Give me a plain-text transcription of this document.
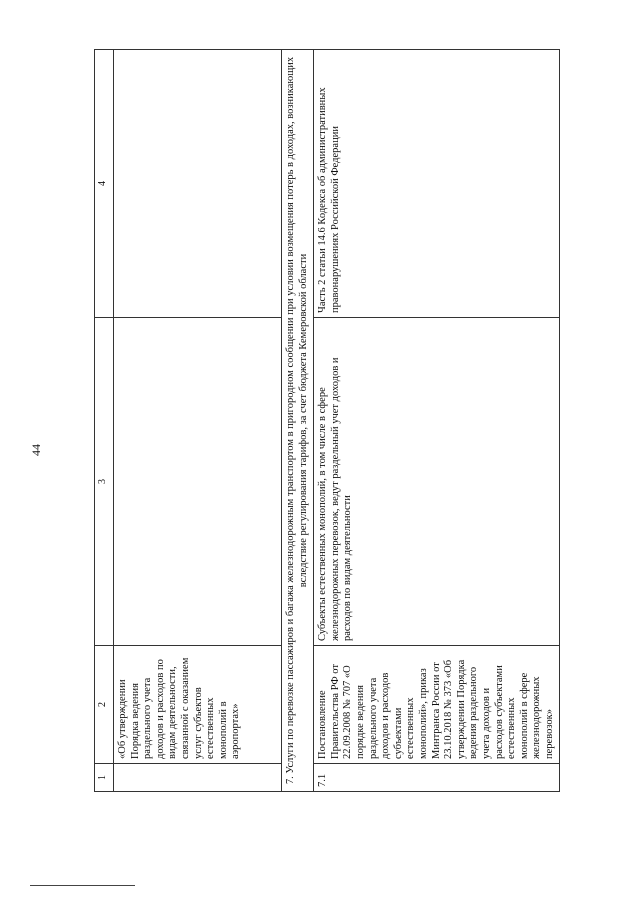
44
1	2	3	4
	«Об утверждении Порядка ведения раздельного учета доходов и расходов по видам деятельности, связанной с оказанием услуг субъектов естественных монополий в аэропортах»		
7. Услуги по перевозке пассажиров и багажа железнодорожным транспортом в пригородном сообщении при условии возмещения потерь в доходах, возникающих вследствие регулирования тарифов, за счет бюджета Кемеровской области			
7.1	Постановление Правительства РФ от 22.09.2008 № 707 «О порядке ведения раздельного учета доходов и расходов субъектами естественных монополий», приказ Минтранса России от 23.10.2018 № 373 «Об утверждении Порядка ведения раздельного учета доходов и расходов субъектами естественных монополий в сфере железнодорожных перевозок»	Субъекты естественных монополий, в том числе в сфере железнодорожных перевозок, ведут раздельный учет доходов и расходов по видам деятельности	Часть 2 статьи 14.6 Кодекса об административных правонарушениях Российской Федерации
